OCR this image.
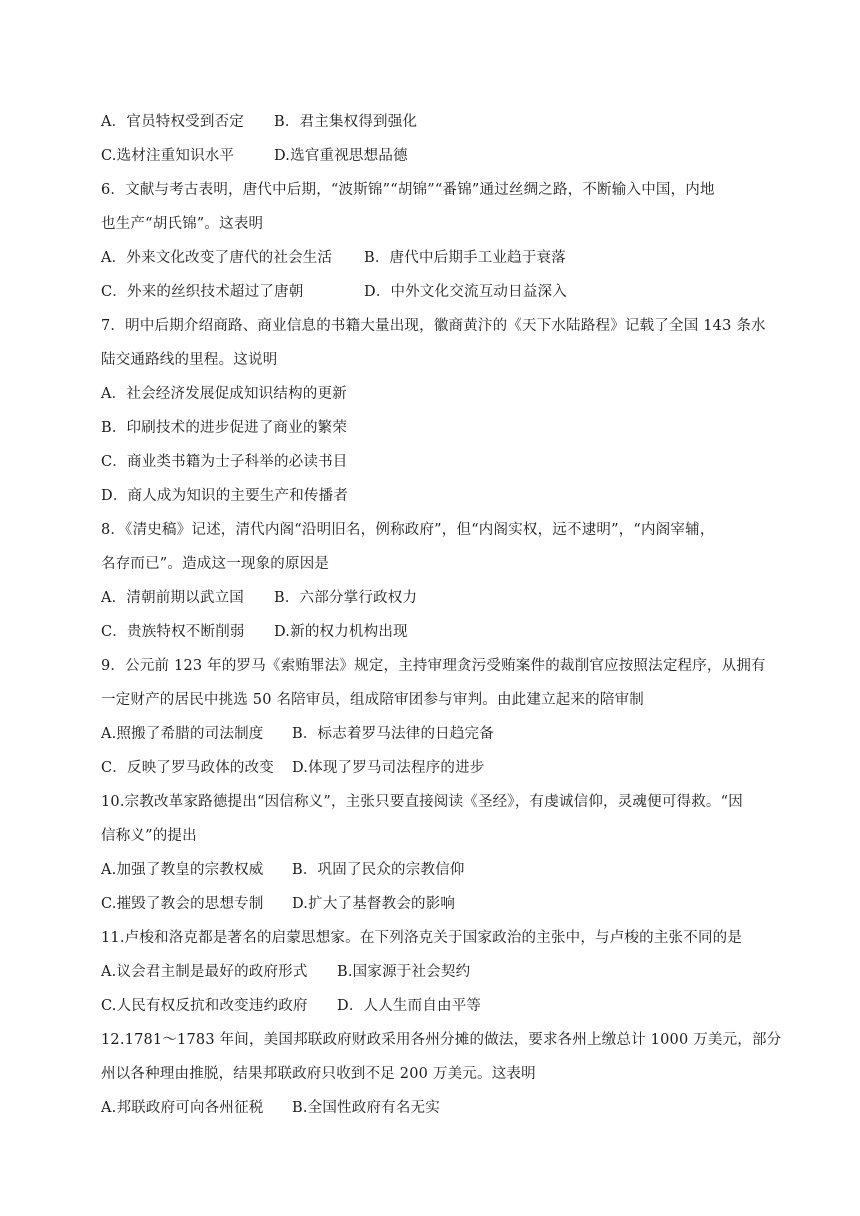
A．官员特权受到否定 B．君主集权得到强化
C.选材注重知识水平	D.选官重视思想品德
6．文献与考古表明，唐代中后期，“波斯锦”“胡锦”“番锦”通过丝绸之路，不断输入中国，内地
也生产“胡氏锦”。这表明
A．外来文化改变了唐代的社会生活 B．唐代中后期手工业趋于衰落
C．外来的丝织技术超过了唐朝	D．中外文化交流互动日益深入
7．明中后期介绍商路、商业信息的书籍大量出现，徽商黄汴的《天下水陆路程》记载了全国 143 条水
陆交通路线的里程。这说明
A．社会经济发展促成知识结构的更新
B．印刷技术的进步促进了商业的繁荣
C．商业类书籍为士子科举的必读书目
D．商人成为知识的主要生产和传播者
8．《清史稿》记述，清代内阁“沿明旧名，例称政府”，但“内阁实权，远不逮明”，“内阁宰辅，
名存而已”。造成这一现象的原因是
A．清朝前期以武立国 B．六部分掌行政权力
C．贵族特权不断削弱 D.新的权力机构出现
9．公元前 123 年的罗马《索贿罪法》规定，主持审理贪污受贿案件的裁削官应按照法定程序，从拥有
一定财产的居民中挑选 50 名陪审员，组成陪审团参与审判。由此建立起来的陪审制
A.照搬了希腊的司法制度 B．标志着罗马法律的日趋完备
C．反映了罗马政体的改变 D.体现了罗马司法程序的进步
10.宗教改革家路德提出“因信称义”，主张只要直接阅读《圣经》，有虔诚信仰，灵魂便可得救。“因
信称义”的提出
A.加强了教皇的宗教权威 B．巩固了民众的宗教信仰
C.摧毁了教会的思想专制 D.扩大了基督教会的影响
11.卢梭和洛克都是著名的启蒙思想家。在下列洛克关于国家政治的主张中，与卢梭的主张不同的是
A.议会君主制是最好的政府形式 B.国家源于社会契约
C.人民有权反抗和改变违约政府 D．人人生而自由平等
12.1781～1783 年间，美国邦联政府财政采用各州分摊的做法，要求各州上缴总计 1000 万美元，部分
州以各种理由推脱，结果邦联政府只收到不足 200 万美元。这表明
A.邦联政府可向各州征税 B.全国性政府有名无实
